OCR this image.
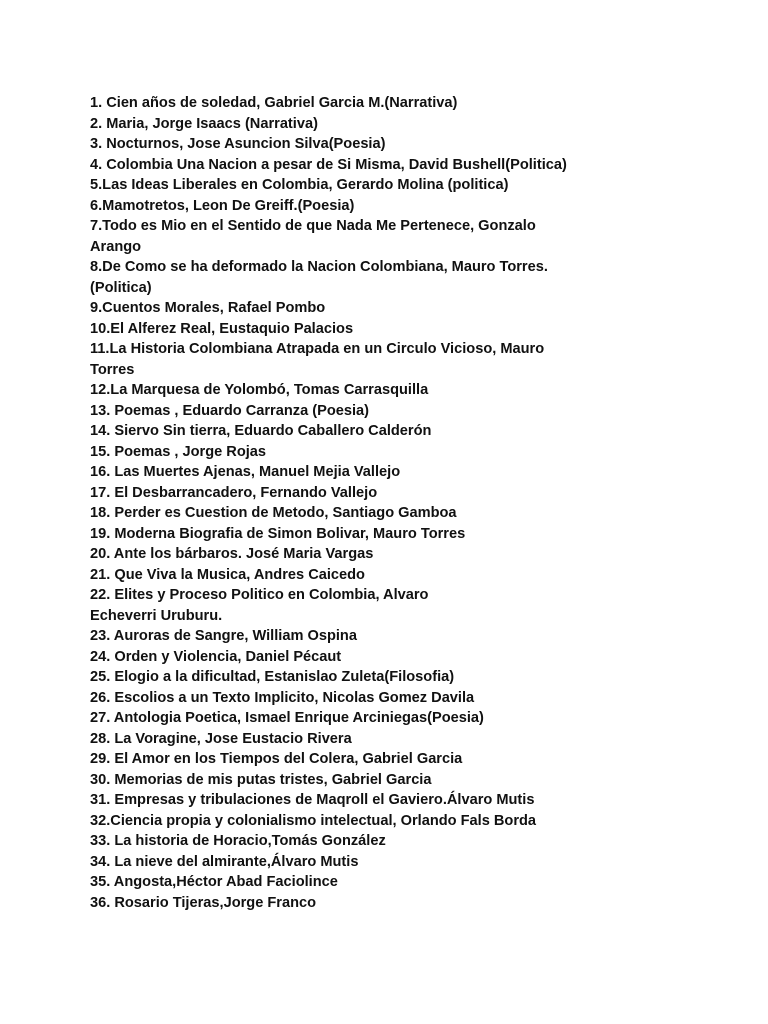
1. Cien años de soledad, Gabriel Garcia M.(Narrativa)
2. Maria, Jorge Isaacs (Narrativa)
3. Nocturnos, Jose Asuncion Silva(Poesia)
4. Colombia Una Nacion a pesar de Si Misma, David Bushell(Politica)
5.Las Ideas Liberales en Colombia, Gerardo Molina (politica)
6.Mamotretos, Leon De Greiff.(Poesia)
7.Todo es Mio en el Sentido de que Nada Me Pertenece, Gonzalo
Arango
8.De Como se ha deformado la Nacion Colombiana, Mauro Torres.
(Politica)
9.Cuentos Morales, Rafael Pombo
10.El Alferez Real, Eustaquio Palacios
11.La Historia Colombiana Atrapada en un Circulo Vicioso, Mauro
Torres
12.La Marquesa de Yolombó, Tomas Carrasquilla
13. Poemas , Eduardo Carranza (Poesia)
14. Siervo Sin tierra, Eduardo Caballero Calderón
15. Poemas , Jorge Rojas
16. Las Muertes Ajenas, Manuel Mejia Vallejo
17. El Desbarrancadero, Fernando Vallejo
18. Perder es Cuestion de Metodo, Santiago Gamboa
19. Moderna Biografia de Simon Bolivar, Mauro Torres
20. Ante los bárbaros. José Maria Vargas
21. Que Viva la Musica, Andres Caicedo
22. Elites y Proceso Politico en Colombia, Alvaro
Echeverri Uruburu.
23. Auroras de Sangre, William Ospina
24. Orden y Violencia, Daniel Pécaut
25. Elogio a la dificultad, Estanislao Zuleta(Filosofia)
26. Escolios a un Texto Implicito, Nicolas Gomez Davila
27. Antologia Poetica, Ismael Enrique Arciniegas(Poesia)
28. La Voragine, Jose Eustacio Rivera
29. El Amor en los Tiempos del Colera, Gabriel Garcia
30. Memorias de mis putas tristes, Gabriel Garcia
31. Empresas y tribulaciones de Maqroll el Gaviero.Álvaro Mutis
32.Ciencia propia y colonialismo intelectual, Orlando Fals Borda
33. La historia de Horacio,Tomás González
34. La nieve del almirante,Álvaro Mutis
35. Angosta,Héctor Abad Faciolince
36. Rosario Tijeras,Jorge Franco
